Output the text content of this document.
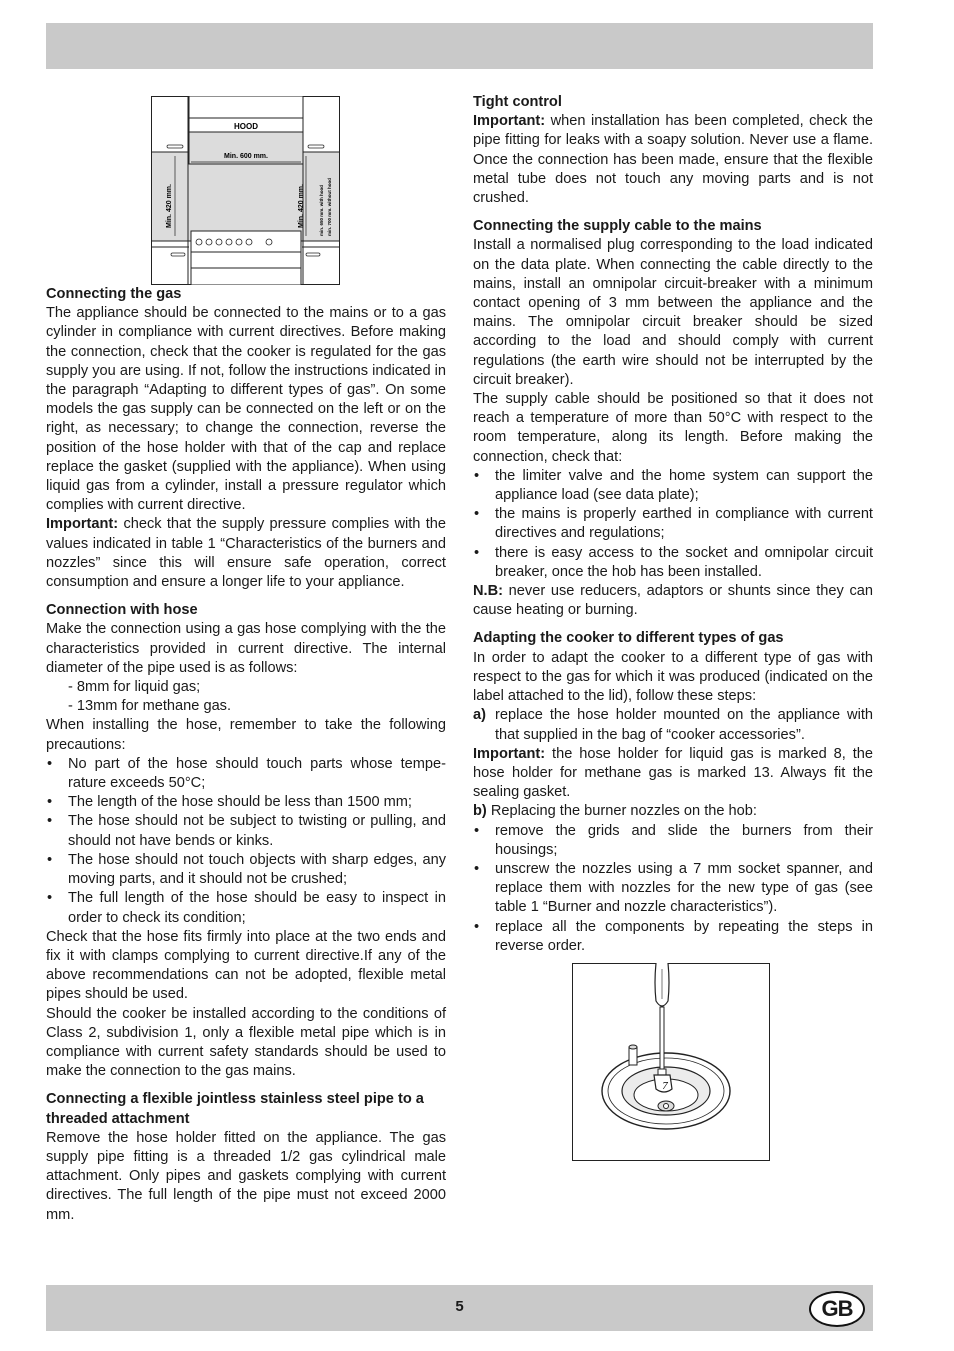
HOOD
Min. 600 mm.
Min. 420 mm.	Min. 420 mm.	min. 650 mm. with hood min. 700 mm. without hood
Connecting the gas

The appliance should be connected to the mains or to a gas cylinder in compliance with current directives. Before making the connection, check that the cooker is regulated for the gas supply you are using. If not, follow the instructions indicated in the paragraph “Adapting to different types of gas”. On some models the gas supply can be connected on the left or on the right, as necessary; to change the connection, reverse the position of the hose holder with that of the cap and replace replace the gasket (supplied with the appliance). When using liquid gas from a cylinder, install a pressure regulator which complies with current directive.

Important: check that the supply pressure complies with the values indicated in table 1 “Characteristics of the burners and nozzles” since this will ensure safe operation, correct consumption and ensure a longer life to your appliance.

Connection with hose

Make the connection using a gas hose complying with the the characteristics provided in current directive. The internal diameter of the pipe used is as follows:

- 8mm for liquid gas;

- 13mm for methane gas.

When installing the hose, remember to take the following precautions:

• No part of the hose should touch parts whose tempe-rature exceeds 50°C;
• The length of the hose should be less than 1500 mm;
• The hose should not be subject to twisting or pulling, and should not have bends or kinks.
• The hose should not touch objects with sharp edges, any moving parts, and it should not be crushed;
• The full length of the hose should be easy to inspect in order to check its condition;

Check that the hose fits firmly into place at the two ends and fix it with clamps complying to current directive.If any of the above recommendations can not be adopted, flexible metal pipes should be used.

Should the cooker be installed according to the conditions of Class 2, subdivision 1, only a flexible metal pipe which is in compliance with current safety standards should be used to make the connection to the gas mains.

Connecting a flexible jointless stainless steel pipe to a threaded attachment

Remove the hose holder fitted on the appliance. The gas supply pipe fitting is a threaded 1/2 gas cylindrical male attachment. Only pipes and gaskets complying with current directives. The full length of the pipe must not exceed 2000 mm.

Tight control

Important: when installation has been completed, check the pipe fitting for leaks with a soapy solution. Never use a flame. Once the connection has been made, ensure that the flexible metal tube does not touch any moving parts and is not crushed.

Connecting the supply cable to the mains

Install a normalised plug corresponding to the load indicated on the data plate. When connecting the cable directly to the mains, install an omnipolar circuit-breaker with a minimum contact opening of 3 mm between the appliance and the mains. The omnipolar circuit breaker should be sized according to the load and should comply with current regulations (the earth wire should not be interrupted by the circuit breaker).

The supply cable should be positioned so that it does not reach a temperature of more than 50°C with respect to the room temperature, along its length. Before making the connection, check that:

• the limiter valve and the home system can support the appliance load (see data plate);
• the mains is properly earthed in compliance with current directives and regulations;
• there is easy access to the socket and omnipolar circuit breaker, once the hob has been installed.

N.B: never use reducers, adaptors or shunts since they can cause heating or burning.

Adapting the cooker to different types of gas

In order to adapt the cooker to a different type of gas with respect to the gas for which it was produced (indicated on the label attached to the lid), follow these steps:

a) replace the hose holder mounted on the appliance with that supplied in the bag of “cooker accessories”.

Important: the hose holder for liquid gas is marked 8, the hose holder for methane gas is marked 13. Always fit the sealing gasket.

b) Replacing the burner nozzles on the hob:

• remove the grids and slide the burners from their housings;
• unscrew the nozzles using a 7 mm socket spanner, and replace them with nozzles for the new type of gas (see table 1 “Burner and nozzle characteristics”).
• replace all the components by repeating the steps in reverse order.
7
5	GB
